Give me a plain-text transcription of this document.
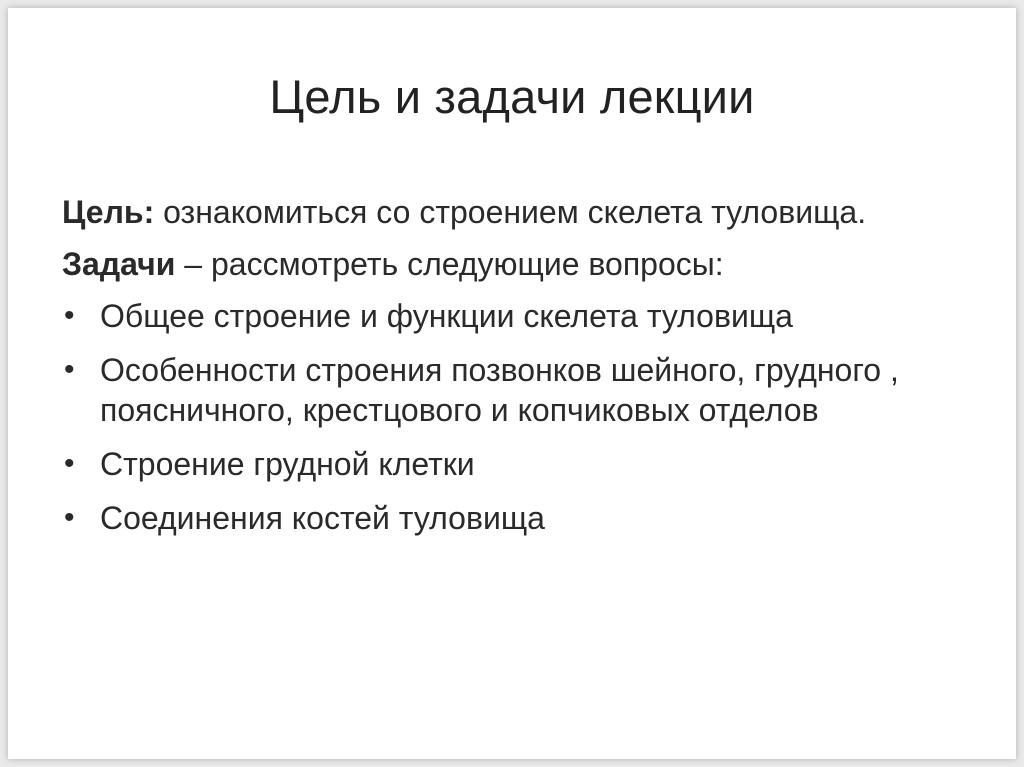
Цель и задачи лекции
Цель: ознакомиться со строением скелета туловища.
Задачи – рассмотреть следующие вопросы:
• Общее строение и функции скелета туловища
• Особенности строения позвонков шейного, грудного , поясничного, крестцового и копчиковых отделов
• Строение грудной клетки
• Соединения костей туловища
